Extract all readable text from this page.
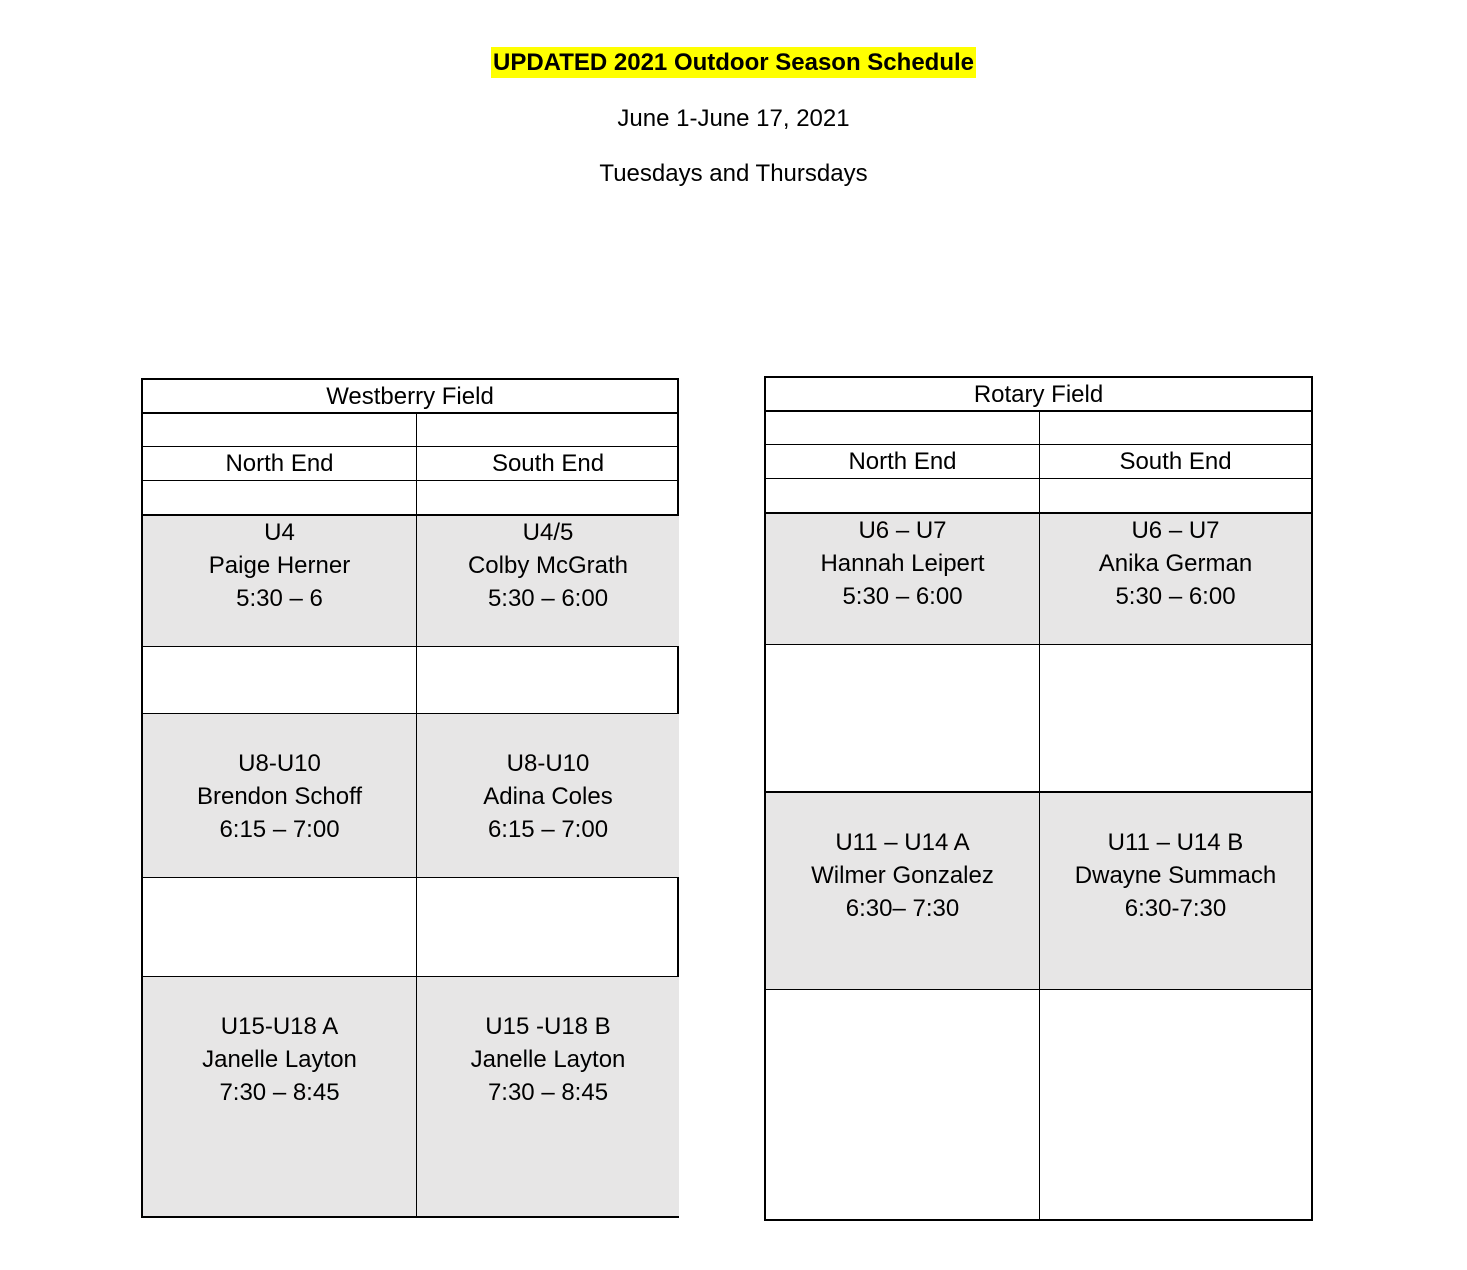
UPDATED 2021 Outdoor Season Schedule
June 1-June 17, 2021
Tuesdays and Thursdays
Westberry Field
North End	South End
U4
Paige Herner
5:30 – 6
U4/5
Colby McGrath
5:30 – 6:00
U8-U10
Brendon Schoff
6:15 – 7:00
U8-U10
Adina Coles
6:15 – 7:00
U15-U18 A
Janelle Layton
7:30 – 8:45
U15 -U18 B
Janelle Layton
7:30 – 8:45
Rotary Field
North End	South End
U6 – U7
Hannah Leipert
5:30 – 6:00
U6 – U7
Anika German
5:30 – 6:00
U11 – U14 A
Wilmer Gonzalez
6:30– 7:30
U11 – U14 B
Dwayne Summach
6:30-7:30
